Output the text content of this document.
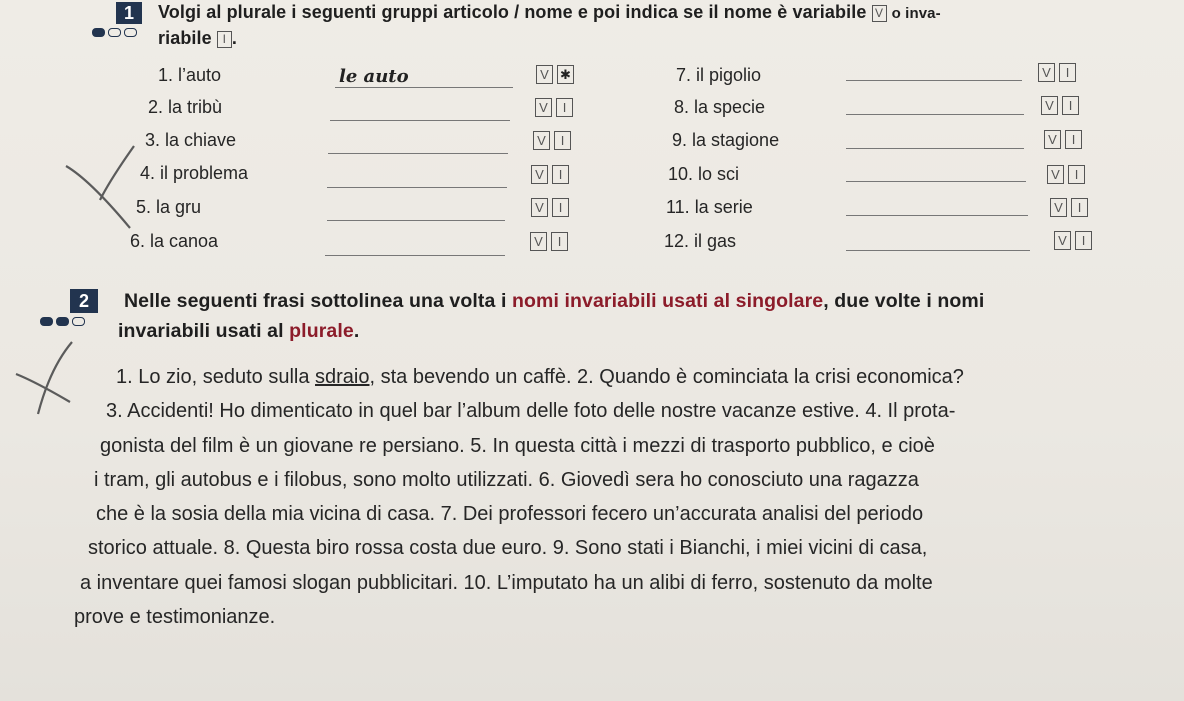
1	Volgi al plurale i seguenti gruppi articolo / nome e poi indica se il nome è variabile V o inva-
riabile I .
1. l’auto	le auto	V ✱
2. la tribù	V	I
3. la chiave	V	I
4. il problema	V	I
5. la gru	V	I
6. la canoa	V	I
7. il pigolio	V	I
8. la specie	V	I
9. la stagione	V	I
10. lo sci	V	I
11. la serie	V	I
12. il gas	V	I
2	Nelle seguenti frasi sottolinea una volta i nomi invariabili usati al singolare, due volte i nomi
invariabili usati al plurale.

1. Lo zio, seduto sulla sdraio, sta bevendo un caffè. 2. Quando è cominciata la crisi economica?

3. Accidenti! Ho dimenticato in quel bar l’album delle foto delle nostre vacanze estive. 4. Il prota-

gonista del film è un giovane re persiano. 5. In questa città i mezzi di trasporto pubblico, e cioè

i tram, gli autobus e i filobus, sono molto utilizzati. 6. Giovedì sera ho conosciuto una ragazza

che è la sosia della mia vicina di casa. 7. Dei professori fecero un’accurata analisi del periodo

storico attuale. 8. Questa biro rossa costa due euro. 9. Sono stati i Bianchi, i miei vicini di casa,

a inventare quei famosi slogan pubblicitari. 10. L’imputato ha un alibi di ferro, sostenuto da molte

prove e testimonianze.
